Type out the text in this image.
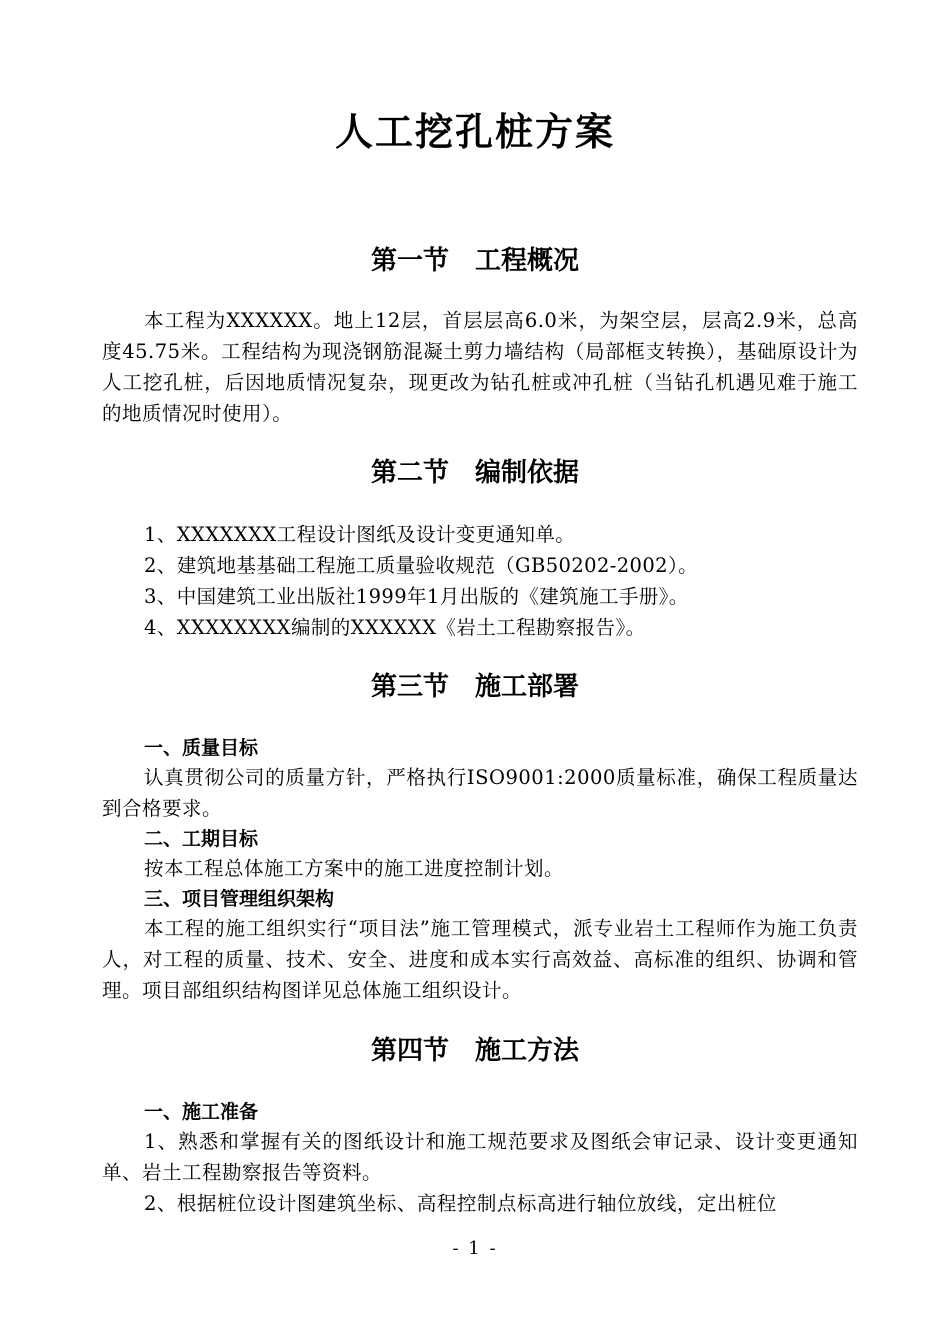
人工挖孔桩方案
第一节　工程概况
本工程为XXXXXX。地上12层，首层层高6.0米，为架空层，层高2.9米，总高度45.75米。工程结构为现浇钢筋混凝土剪力墙结构（局部框支转换），基础原设计为人工挖孔桩，后因地质情况复杂，现更改为钻孔桩或冲孔桩（当钻孔机遇见难于施工的地质情况时使用）。
第二节　编制依据
1、XXXXXXX工程设计图纸及设计变更通知单。
2、建筑地基基础工程施工质量验收规范（GB50202-2002）。
3、中国建筑工业出版社1999年1月出版的《建筑施工手册》。
4、XXXXXXXX编制的XXXXXX《岩土工程勘察报告》。
第三节　施工部署
一、质量目标
认真贯彻公司的质量方针，严格执行ISO9001:2000质量标准，确保工程质量达到合格要求。
二、工期目标
按本工程总体施工方案中的施工进度控制计划。
三、项目管理组织架构
本工程的施工组织实行“项目法”施工管理模式，派专业岩土工程师作为施工负责人，对工程的质量、技术、安全、进度和成本实行高效益、高标准的组织、协调和管理。项目部组织结构图详见总体施工组织设计。
第四节　施工方法
一、施工准备
1、熟悉和掌握有关的图纸设计和施工规范要求及图纸会审记录、设计变更通知单、岩土工程勘察报告等资料。
2、根据桩位设计图建筑坐标、高程控制点标高进行轴位放线，定出桩位
- 1 -
